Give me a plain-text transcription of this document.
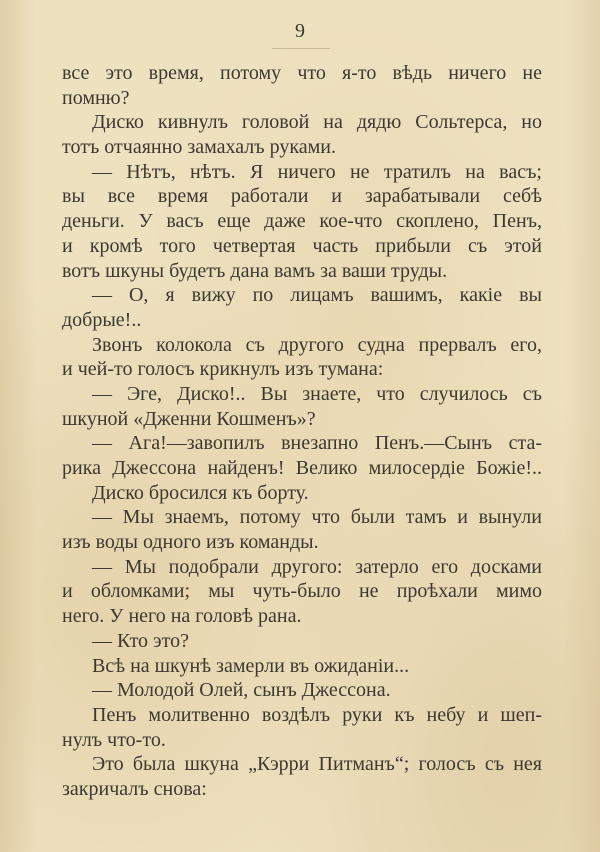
9
все это время, потому что я-то вѣдь ничего не
помню?
Диско кивнулъ головой на дядю Сольтерса, но
тотъ отчаянно замахалъ руками.
— Нѣтъ, нѣтъ. Я ничего не тратилъ на васъ;
вы все время работали и зарабатывали себѣ
деньги. У васъ еще даже кое-что скоплено, Пенъ,
и кромѣ того четвертая часть прибыли съ этой
вотъ шкуны будетъ дана вамъ за ваши труды.
— О, я вижу по лицамъ вашимъ, какіе вы
добрые!..
Звонъ колокола съ другого судна прервалъ его,
и чей-то голосъ крикнулъ изъ тумана:
— Эге, Диско!.. Вы знаете, что случилось съ
шкуной «Дженни Кошменъ»?
— Ага!—завопилъ внезапно Пенъ.—Сынъ ста-
рика Джессона найденъ! Велико милосердіе Божіе!..
Диско бросился къ борту.
— Мы знаемъ, потому что были тамъ и вынули
изъ воды одного изъ команды.
— Мы подобрали другого: затерло его досками
и обломками; мы чуть-было не проѣхали мимо
него. У него на головѣ рана.
— Кто это?
Всѣ на шкунѣ замерли въ ожиданіи...
— Молодой Олей, сынъ Джессона.
Пенъ молитвенно воздѣлъ руки къ небу и шеп-
нулъ что-то.
Это была шкуна „Кэрри Питманъ“; голосъ съ нея
закричалъ снова:
